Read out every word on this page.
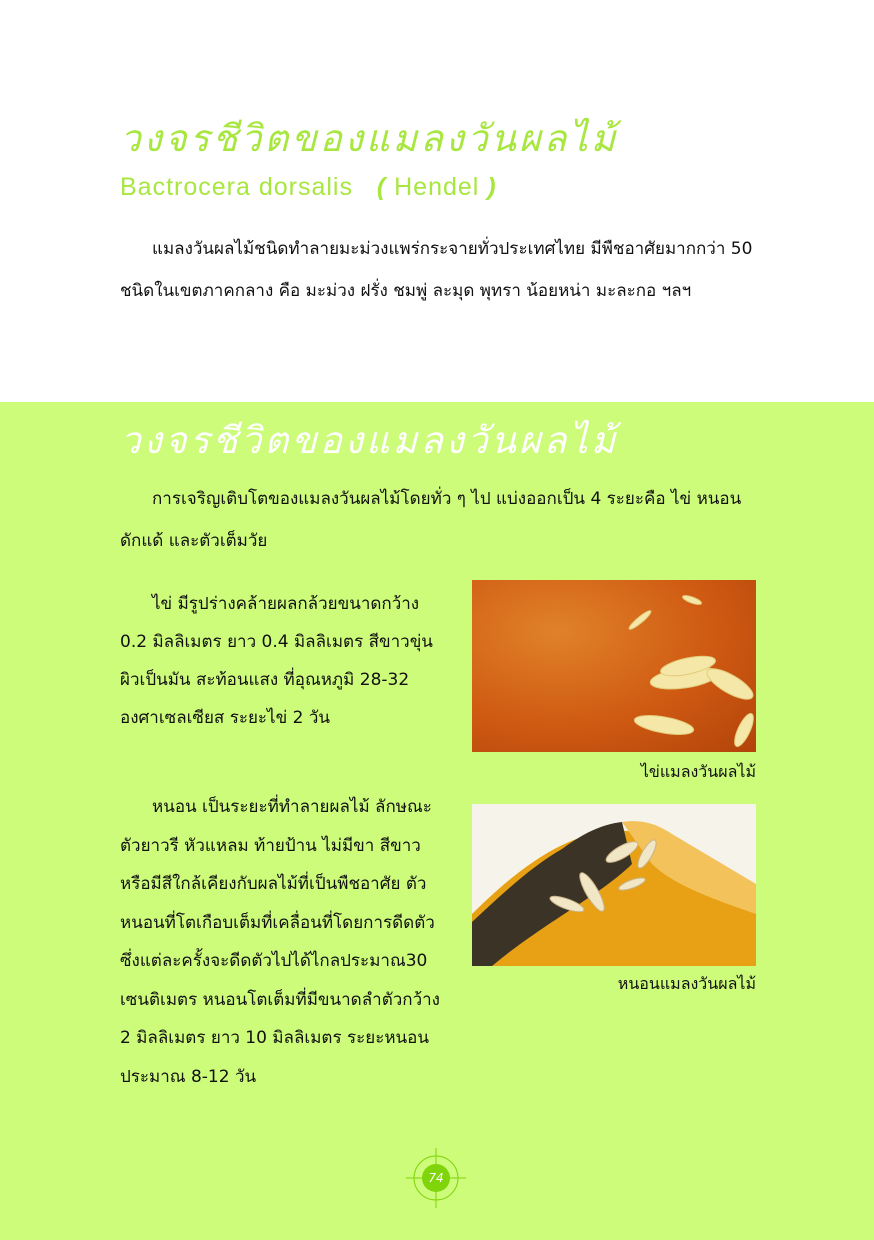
วงจรชีวิตของแมลงวันผลไม้
Bactrocera dorsalis ( Hendel )

แมลงวันผลไม้ชนิดทำลายมะม่วงแพร่กระจายทั่วประเทศไทย มีพืชอาศัยมากกว่า 50 ชนิดในเขตภาคกลาง คือ มะม่วง ฝรั่ง ชมพู่ ละมุด พุทรา น้อยหน่า มะละกอ ฯลฯ

วงจรชีวิตของแมลงวันผลไม้

การเจริญเติบโตของแมลงวันผลไม้โดยทั่ว ๆ ไป แบ่งออกเป็น 4 ระยะคือ ไข่ หนอน ดักแด้ และตัวเต็มวัย

ไข่ มีรูปร่างคล้ายผลกล้วยขนาดกว้าง 0.2 มิลลิเมตร ยาว 0.4 มิลลิเมตร สีขาวขุ่น ผิวเป็นมัน สะท้อนแสง ที่อุณหภูมิ 28-32 องศาเซลเซียส ระยะไข่ 2 วัน

ไข่แมลงวันผลไม้

หนอน เป็นระยะที่ทำลายผลไม้ ลักษณะตัวยาวรี หัวแหลม ท้ายป้าน ไม่มีขา สีขาว หรือมีสีใกล้เคียงกับผลไม้ที่เป็นพืชอาศัย ตัวหนอนที่โตเกือบเต็มที่เคลื่อนที่โดยการดีดตัว ซึ่งแต่ละครั้งจะดีดตัวไปได้ไกลประมาณ30 เซนติเมตร หนอนโตเต็มที่มีขนาดลำตัวกว้าง 2 มิลลิเมตร ยาว 10 มิลลิเมตร ระยะหนอนประมาณ 8-12 วัน

หนอนแมลงวันผลไม้
74
